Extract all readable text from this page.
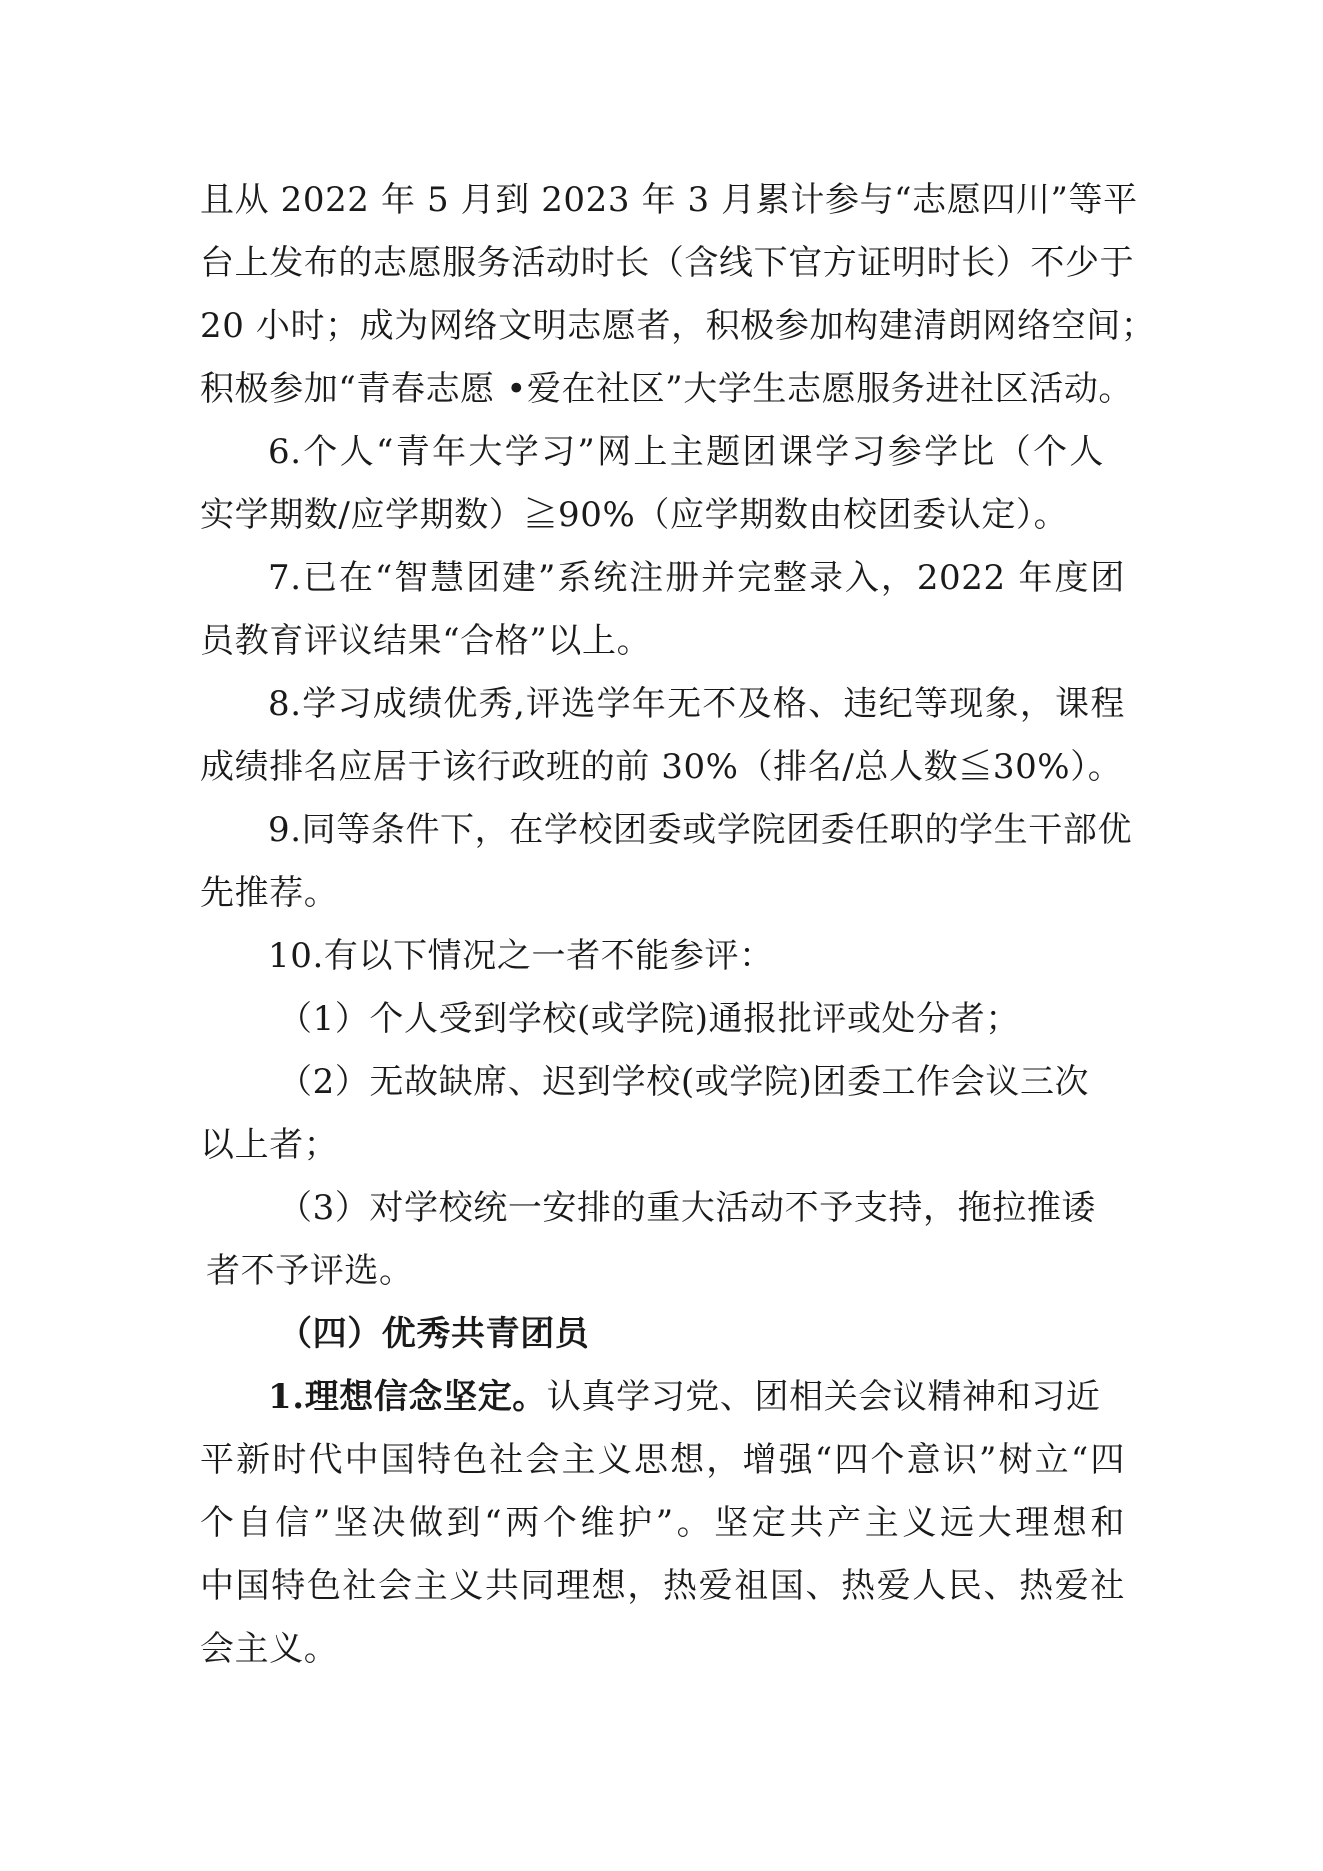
且从 2022 年 5 月到 2023 年 3 月累计参与“志愿四川”等平
台上发布的志愿服务活动时长（含线下官方证明时长）不少于
20 小时；成为网络文明志愿者，积极参加构建清朗网络空间；
积极参加“青春志愿 •爱在社区”大学生志愿服务进社区活动。
6.个人“青年大学习”网上主题团课学习参学比（个人
实学期数/应学期数）≧90%（应学期数由校团委认定）。
7.已在“智慧团建”系统注册并完整录入，2022 年度团
员教育评议结果“合格”以上。
8.学习成绩优秀,评选学年无不及格、违纪等现象，课程
成绩排名应居于该行政班的前 30%（排名/总人数≦30%）。
9.同等条件下，在学校团委或学院团委任职的学生干部优
先推荐。
10.有以下情况之一者不能参评：
（1）个人受到学校(或学院)通报批评或处分者；
（2）无故缺席、迟到学校(或学院)团委工作会议三次
以上者；
（3）对学校统一安排的重大活动不予支持，拖拉推诿
者不予评选。
（四）优秀共青团员
1.理想信念坚定。认真学习党、团相关会议精神和习近
平新时代中国特色社会主义思想，增强“四个意识”树立“四
个自信”坚决做到“两个维护”。坚定共产主义远大理想和
中国特色社会主义共同理想，热爱祖国、热爱人民、热爱社
会主义。
